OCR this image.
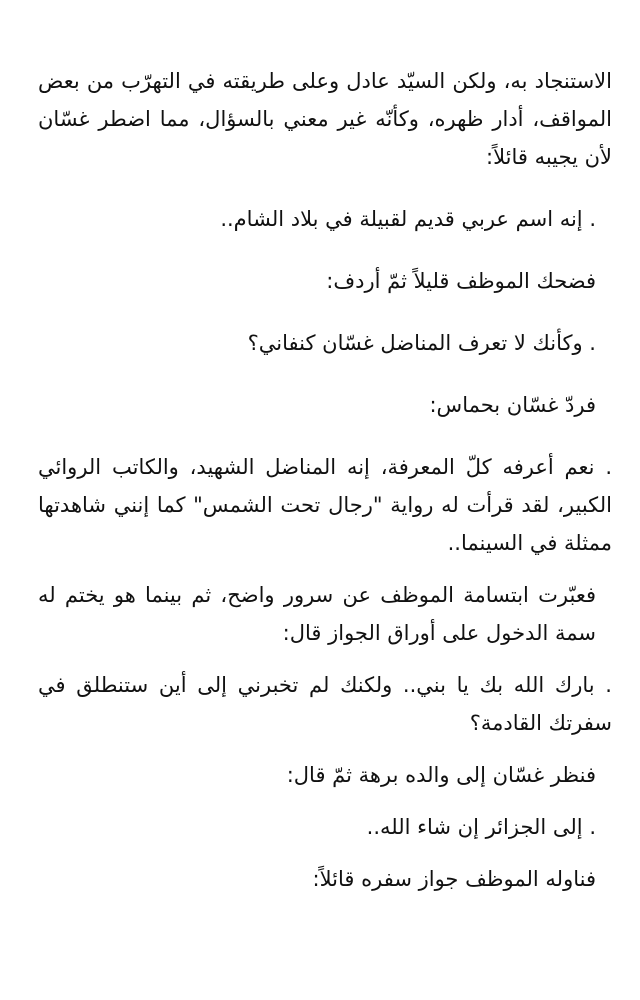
الاستنجاد به، ولكن السيّد عادل وعلى طريقته في التهرّب من بعض المواقف، أدار ظهره، وكأنّه غير معني بالسؤال، مما اضطر غسّان لأن يجيبه قائلاً:

. إنه اسم عربي قديم لقبيلة في بلاد الشام..

فضحك الموظف قليلاً ثمّ أردف:

. وكأنك لا تعرف المناضل غسّان كنفاني؟

فردّ غسّان بحماس:

. نعم أعرفه كلّ المعرفة، إنه المناضل الشهيد، والكاتب الروائي الكبير، لقد قرأت له رواية "رجال تحت الشمس" كما إنني شاهدتها ممثلة في السينما..

فعبّرت ابتسامة الموظف عن سرور واضح، ثم بينما هو يختم له سمة الدخول على أوراق الجواز قال:

. بارك الله بك يا بني.. ولكنك لم تخبرني إلى أين ستنطلق في سفرتك القادمة؟

فنظر غسّان إلى والده برهة ثمّ قال:

. إلى الجزائر إن شاء الله..

فناوله الموظف جواز سفره قائلاً:
